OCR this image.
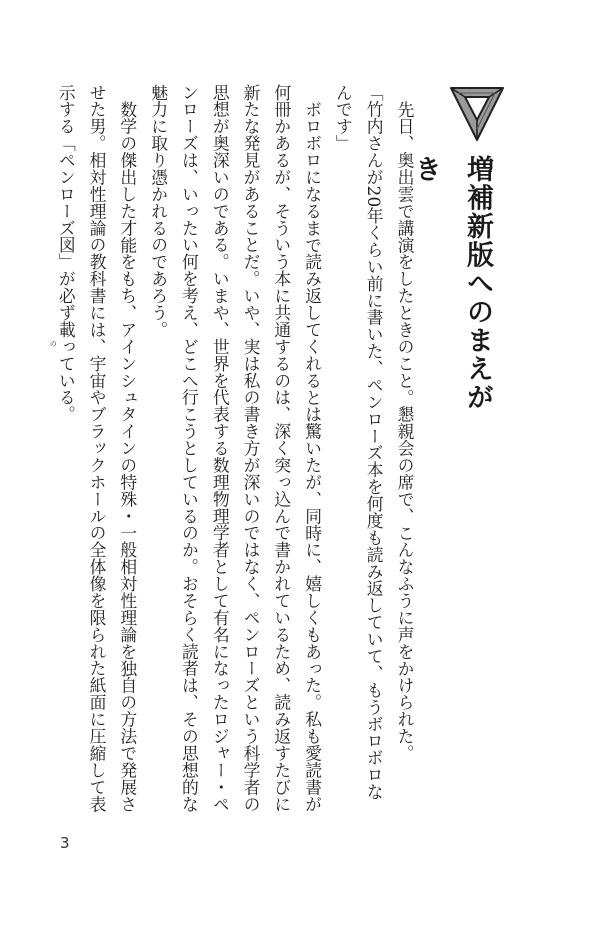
増補新版へのまえがき

先日、奥出雲で講演をしたときのこと。懇親会の席で、こんなふうに声をかけられた。

「竹内さんが20年くらい前に書いた、ペンローズ本を何度も読み返していて、もうボロボロなんです」

ボロボロになるまで読み返してくれるとは驚いたが、同時に、嬉しくもあった。私も愛読書が何冊かあるが、そういう本に共通するのは、深く突っ込んで書かれているため、読み返すたびに新たな発見があることだ。いや、実は私の書き方が深いのではなく、ペンローズという科学者の思想が奥深いのである。いまや、世界を代表する数理物理学者として有名になったロジャー・ペンローズは、いったい何を考え、どこへ行こうとしているのか。おそらく読者は、その思想的な魅力に取り憑かれるのであろう。

数学の傑出した才能をもち、アインシュタインの特殊・一般相対性理論を独自の方法で発展させた男。相対性理論の教科書には、宇宙やブラックホールの全体像を限られた紙面に圧縮して表示する「ペンローズ図」が必ず載
の っている。

3
